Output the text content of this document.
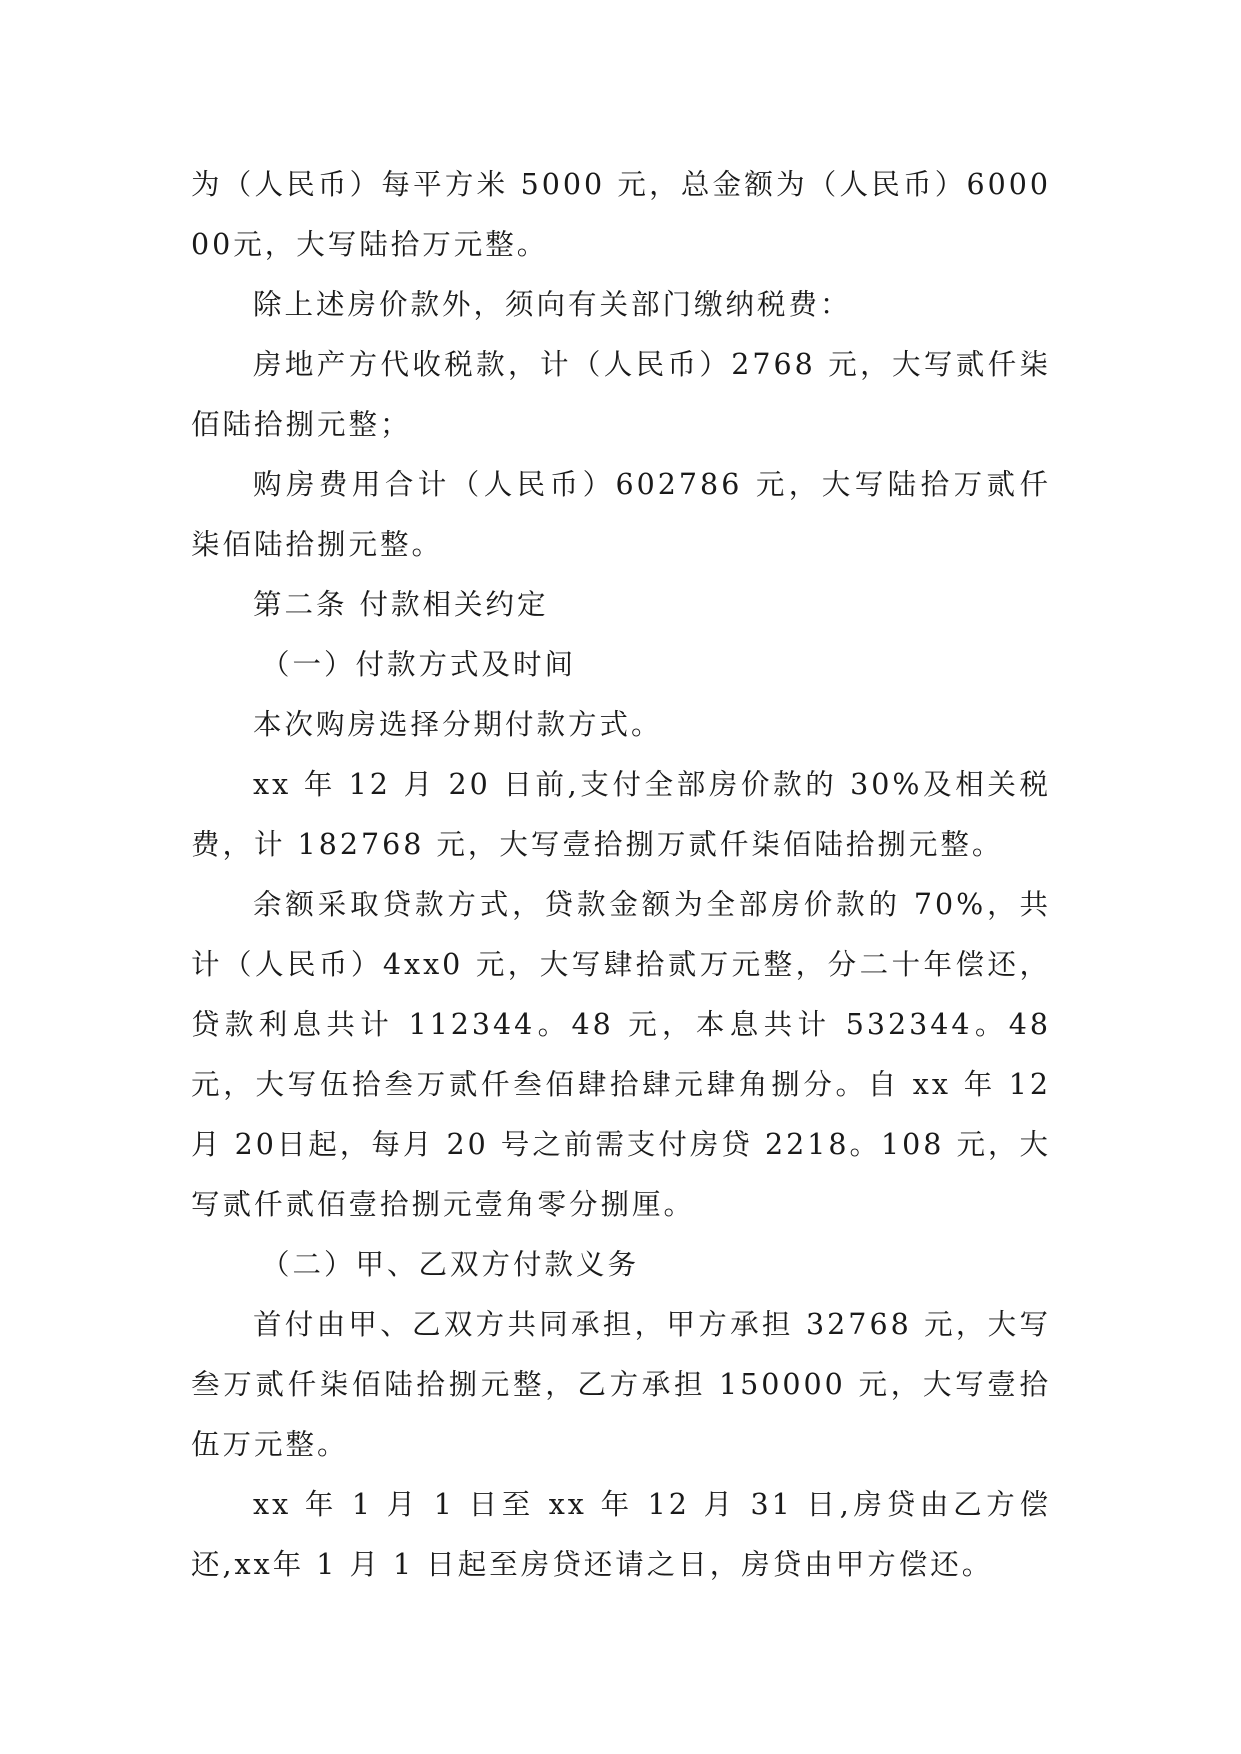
为（人民币）每平方米 5000 元，总金额为（人民币）600000元，大写陆拾万元整。

除上述房价款外，须向有关部门缴纳税费：

房地产方代收税款，计（人民币）2768 元，大写贰仟柒佰陆拾捌元整；

购房费用合计（人民币）602786 元，大写陆拾万贰仟柒佰陆拾捌元整。

第二条 付款相关约定

（一）付款方式及时间

本次购房选择分期付款方式。

xx 年 12 月 20 日前,支付全部房价款的 30%及相关税费，计 182768 元，大写壹拾捌万贰仟柒佰陆拾捌元整。

余额采取贷款方式，贷款金额为全部房价款的 70%，共计（人民币）4xx0 元，大写肆拾贰万元整，分二十年偿还，贷款利息共计 112344。48 元，本息共计 532344。48 元，大写伍拾叁万贰仟叁佰肆拾肆元肆角捌分。自 xx 年 12 月 20日起，每月 20 号之前需支付房贷 2218。108 元，大写贰仟贰佰壹拾捌元壹角零分捌厘。

（二）甲、乙双方付款义务

首付由甲、乙双方共同承担，甲方承担 32768 元，大写叁万贰仟柒佰陆拾捌元整，乙方承担 150000 元，大写壹拾伍万元整。

xx 年 1 月 1 日至 xx 年 12 月 31 日,房贷由乙方偿还,xx年 1 月 1 日起至房贷还请之日，房贷由甲方偿还。
